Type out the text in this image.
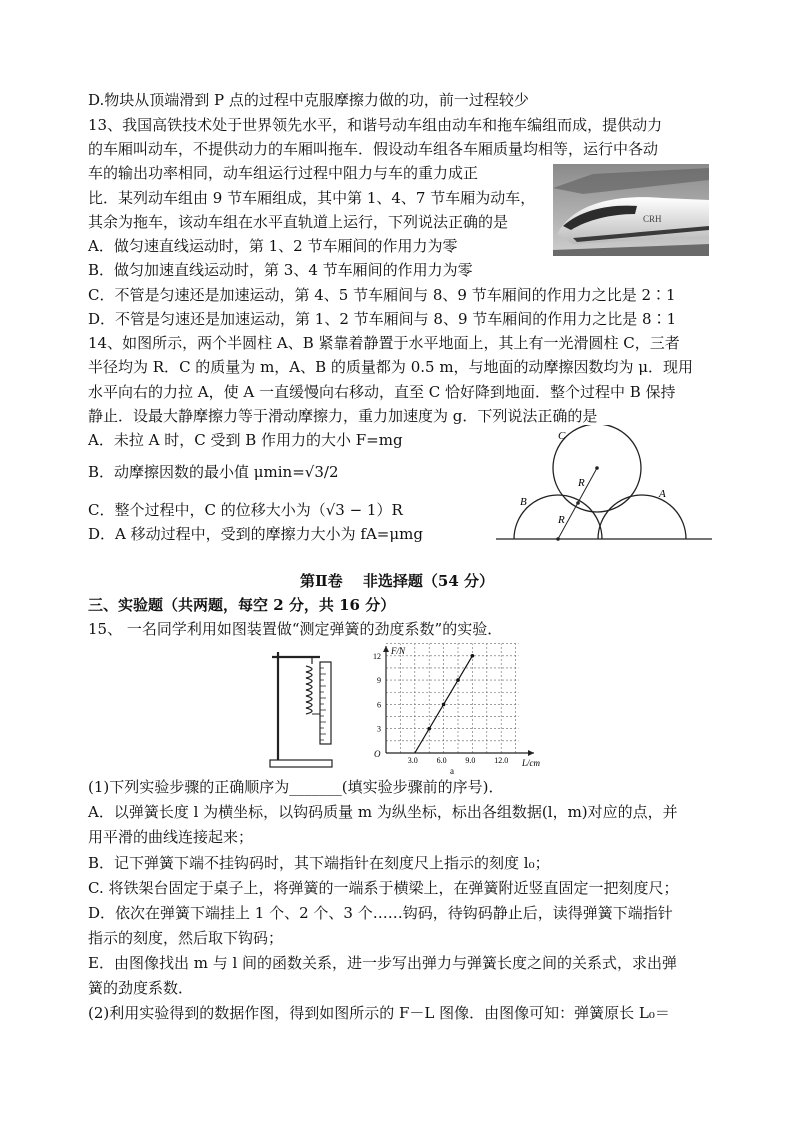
D.物块从顶端滑到 P 点的过程中克服摩擦力做的功，前一过程较少
13、我国高铁技术处于世界领先水平，和谐号动车组由动车和拖车编组而成，提供动力
的车厢叫动车，不提供动力的车厢叫拖车．假设动车组各车厢质量均相等，运行中各动
车的输出功率相同，动车组运行过程中阻力与车的重力成正
比．某列动车组由 9 节车厢组成，其中第 1、4、7 节车厢为动车，
其余为拖车，该动车组在水平直轨道上运行，下列说法正确的是
A．做匀速直线运动时，第 1、2 节车厢间的作用力为零
B．做匀加速直线运动时，第 3、4 节车厢间的作用力为零
C．不管是匀速还是加速运动，第 4、5 节车厢间与 8、9 节车厢间的作用力之比是 2∶1
D．不管是匀速还是加速运动，第 1、2 节车厢间与 8、9 节车厢间的作用力之比是 8∶1
CRH
14、如图所示，两个半圆柱 A、B 紧靠着静置于水平地面上，其上有一光滑圆柱 C，三者
半径均为 R．C 的质量为 m，A、B 的质量都为 0.5 m，与地面的动摩擦因数均为 μ．现用
水平向右的力拉 A，使 A 一直缓慢向右移动，直至 C 恰好降到地面．整个过程中 B 保持
静止．设最大静摩擦力等于滑动摩擦力，重力加速度为 g．下列说法正确的是
A．未拉 A 时，C 受到 B 作用力的大小 F=mg
B．动摩擦因数的最小值 μmin=√3/2
C．整个过程中，C 的位移大小为（√3 − 1）R
D．A 移动过程中，受到的摩擦力大小为 fA=μmg
C
B
A
R
R
第Ⅱ卷　 非选择题（54 分）
三、实验题（共两题，每空 2 分，共 16 分）
15、 一名同学利用如图装置做“测定弹簧的劲度系数”的实验．
F/N
L/cm
O
3.0 6.0 9.0 12.0
3
6
9
12
a
(1)下列实验步骤的正确顺序为_______(填实验步骤前的序号)．
A．以弹簧长度 l 为横坐标，以钩码质量 m 为纵坐标，标出各组数据(l，m)对应的点，并
用平滑的曲线连接起来；
B．记下弹簧下端不挂钩码时，其下端指针在刻度尺上指示的刻度 l₀；
C. 将铁架台固定于桌子上，将弹簧的一端系于横梁上，在弹簧附近竖直固定一把刻度尺；
D．依次在弹簧下端挂上 1 个、2 个、3 个……钩码，待钩码静止后，读得弹簧下端指针
指示的刻度，然后取下钩码；
E．由图像找出 m 与 l 间的函数关系，进一步写出弹力与弹簧长度之间的关系式，求出弹
簧的劲度系数．
(2)利用实验得到的数据作图，得到如图所示的 F－L 图像．由图像可知：弹簧原长 L₀＝
